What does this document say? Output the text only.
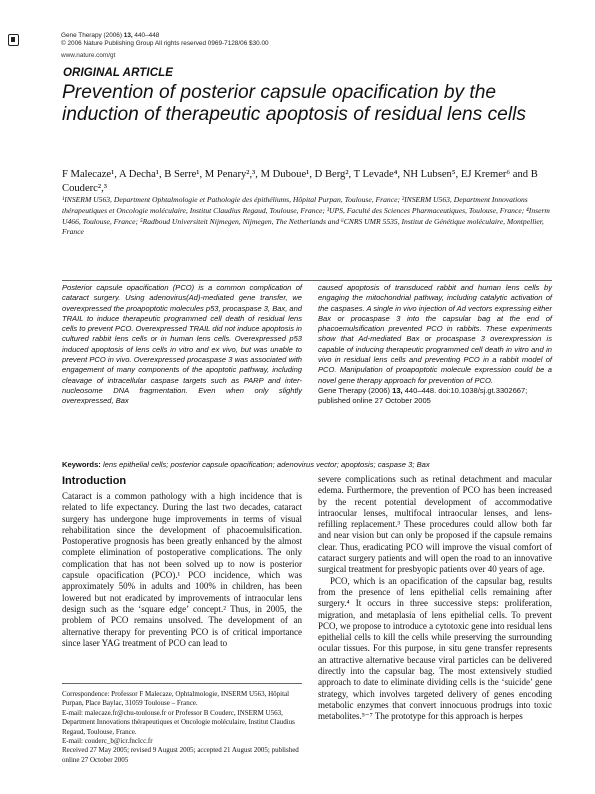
Gene Therapy (2006) 13, 440–448
© 2006 Nature Publishing Group All rights reserved 0969-7128/06 $30.00
www.nature.com/gt
ORIGINAL ARTICLE
Prevention of posterior capsule opacification by the induction of therapeutic apoptosis of residual lens cells
F Malecaze¹, A Decha¹, B Serre¹, M Penary²,³, M Duboue¹, D Berg², T Levade⁴, NH Lubsen⁵, EJ Kremer⁶ and B Couderc²,³
¹INSERM U563, Department Ophtalmologie et Pathologie des épithéliums, Hôpital Purpan, Toulouse, France; ²INSERM U563, Department Innovations thérapeutiques et Oncologie moléculaire, Institut Claudius Regaud, Toulouse, France; ³UPS, Faculté des Sciences Pharmaceutiques, Toulouse, France; ⁴Inserm U466, Toulouse, France; ⁵Radboud Universiteit Nijmegen, Nijmegen, The Netherlands and ⁶CNRS UMR 5535, Institut de Génétique moléculaire, Montpellier, France
Posterior capsule opacification (PCO) is a common complication of cataract surgery. Using adenovirus(Ad)-mediated gene transfer, we overexpressed the proapoptotic molecules p53, procaspase 3, Bax, and TRAIL to induce therapeutic programmed cell death of residual lens cells to prevent PCO. Overexpressed TRAIL did not induce apoptosis in cultured rabbit lens cells or in human lens cells. Overexpressed p53 induced apoptosis of lens cells in vitro and ex vivo, but was unable to prevent PCO in vivo. Overexpressed procaspase 3 was associated with engagement of many components of the apoptotic pathway, including cleavage of intracellular caspase targets such as PARP and inter-nucleosome DNA fragmentation. Even when only slightly overexpressed, Bax
caused apoptosis of transduced rabbit and human lens cells by engaging the mitochondrial pathway, including catalytic activation of the caspases. A single in vivo injection of Ad vectors expressing either Bax or procaspase 3 into the capsular bag at the end of phacoemulsification prevented PCO in rabbits. These experiments show that Ad-mediated Bax or procaspase 3 overexpression is capable of inducing therapeutic programmed cell death in vitro and in vivo in residual lens cells and preventing PCO in a rabbit model of PCO. Manipulation of proapoptotic molecule expression could be a novel gene therapy approach for prevention of PCO.
Gene Therapy (2006) 13, 440–448. doi:10.1038/sj.gt.3302667; published online 27 October 2005
Keywords: lens epithelial cells; posterior capsule opacification; adenovirus vector; apoptosis; caspase 3; Bax
Introduction

Cataract is a common pathology with a high incidence that is related to life expectancy. During the last two decades, cataract surgery has undergone huge improvements in terms of visual rehabilitation since the development of phacoemulsification. Postoperative prognosis has been greatly enhanced by the almost complete elimination of postoperative complications. The only complication that has not been solved up to now is posterior capsule opacification (PCO).¹ PCO incidence, which was approximately 50% in adults and 100% in children, has been lowered but not eradicated by improvements of intraocular lens design such as the ‘square edge’ concept.² Thus, in 2005, the problem of PCO remains unsolved. The development of an alternative therapy for preventing PCO is of critical importance since laser YAG treatment of PCO can lead to

Correspondence: Professor F Malecaze, Ophtalmologie, INSERM U563, Hôpital Purpan, Place Baylac, 31059 Toulouse – France.
E-mail: malecaze.fr@chu-toulouse.fr or Professor B Couderc, INSERM U563, Department Innovations thérapeutiques et Oncologie moléculaire, Institut Claudius Regaud, Toulouse, France.
E-mail: couderc_b@icr.fnclcc.fr
Received 27 May 2005; revised 9 August 2005; accepted 21 August 2005; published online 27 October 2005

severe complications such as retinal detachment and macular edema. Furthermore, the prevention of PCO has been increased by the recent potential development of accommodative intraocular lenses, multifocal intraocular lenses, and lens-refilling replacement.³ These procedures could allow both far and near vision but can only be proposed if the capsule remains clear. Thus, eradicating PCO will improve the visual comfort of cataract surgery patients and will open the road to an innovative surgical treatment for presbyopic patients over 40 years of age.

PCO, which is an opacification of the capsular bag, results from the presence of lens epithelial cells remaining after surgery.⁴ It occurs in three successive steps: proliferation, migration, and metaplasia of lens epithelial cells. To prevent PCO, we propose to introduce a cytotoxic gene into residual lens epithelial cells to kill the cells while preserving the surrounding ocular tissues. For this purpose, in situ gene transfer represents an attractive alternative because viral particles can be delivered directly into the capsular bag. The most extensively studied approach to date to eliminate dividing cells is the ‘suicide’ gene strategy, which involves targeted delivery of genes encoding metabolic enzymes that convert innocuous prodrugs into toxic metabolites.⁵⁻⁷ The prototype for this approach is herpes
